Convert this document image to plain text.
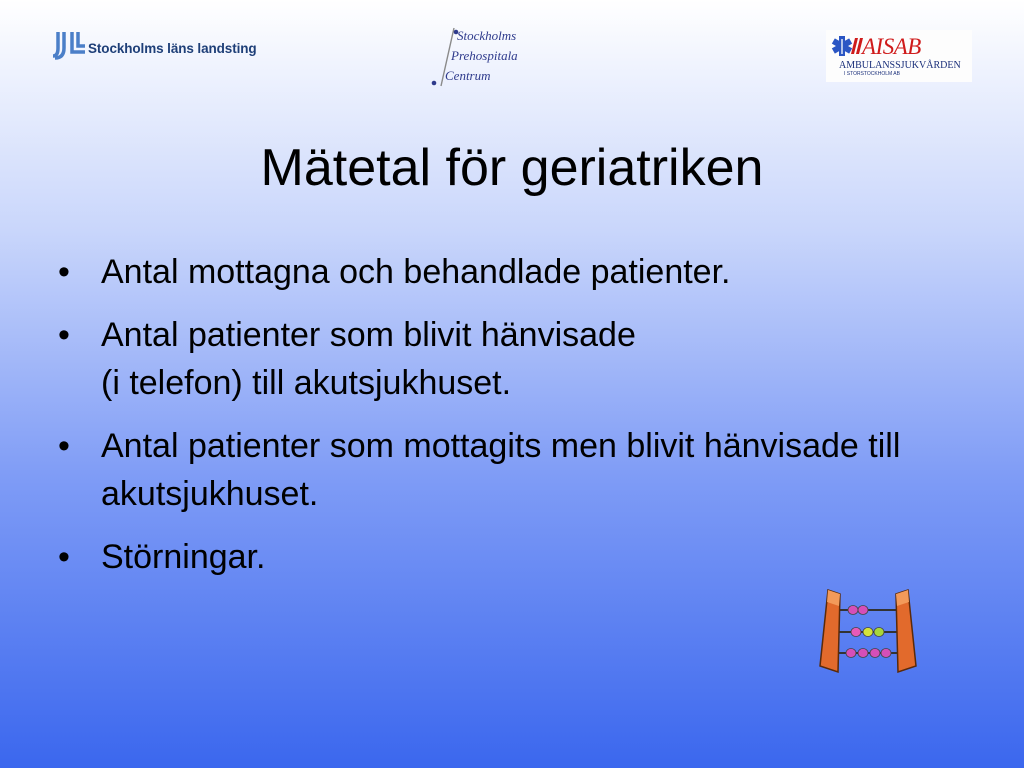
Stockholms läns landsting
Stockholms
Prehospitala
Centrum
AISAB
AMBULANSSJUKVÅRDEN
I STORSTOCKHOLM AB
Mätetal för geriatriken
• Antal mottagna och behandlade patienter.
• Antal patienter som blivit hänvisade
(i telefon) till akutsjukhuset.
• Antal patienter som mottagits men blivit hänvisade till akutsjukhuset.
• Störningar.
